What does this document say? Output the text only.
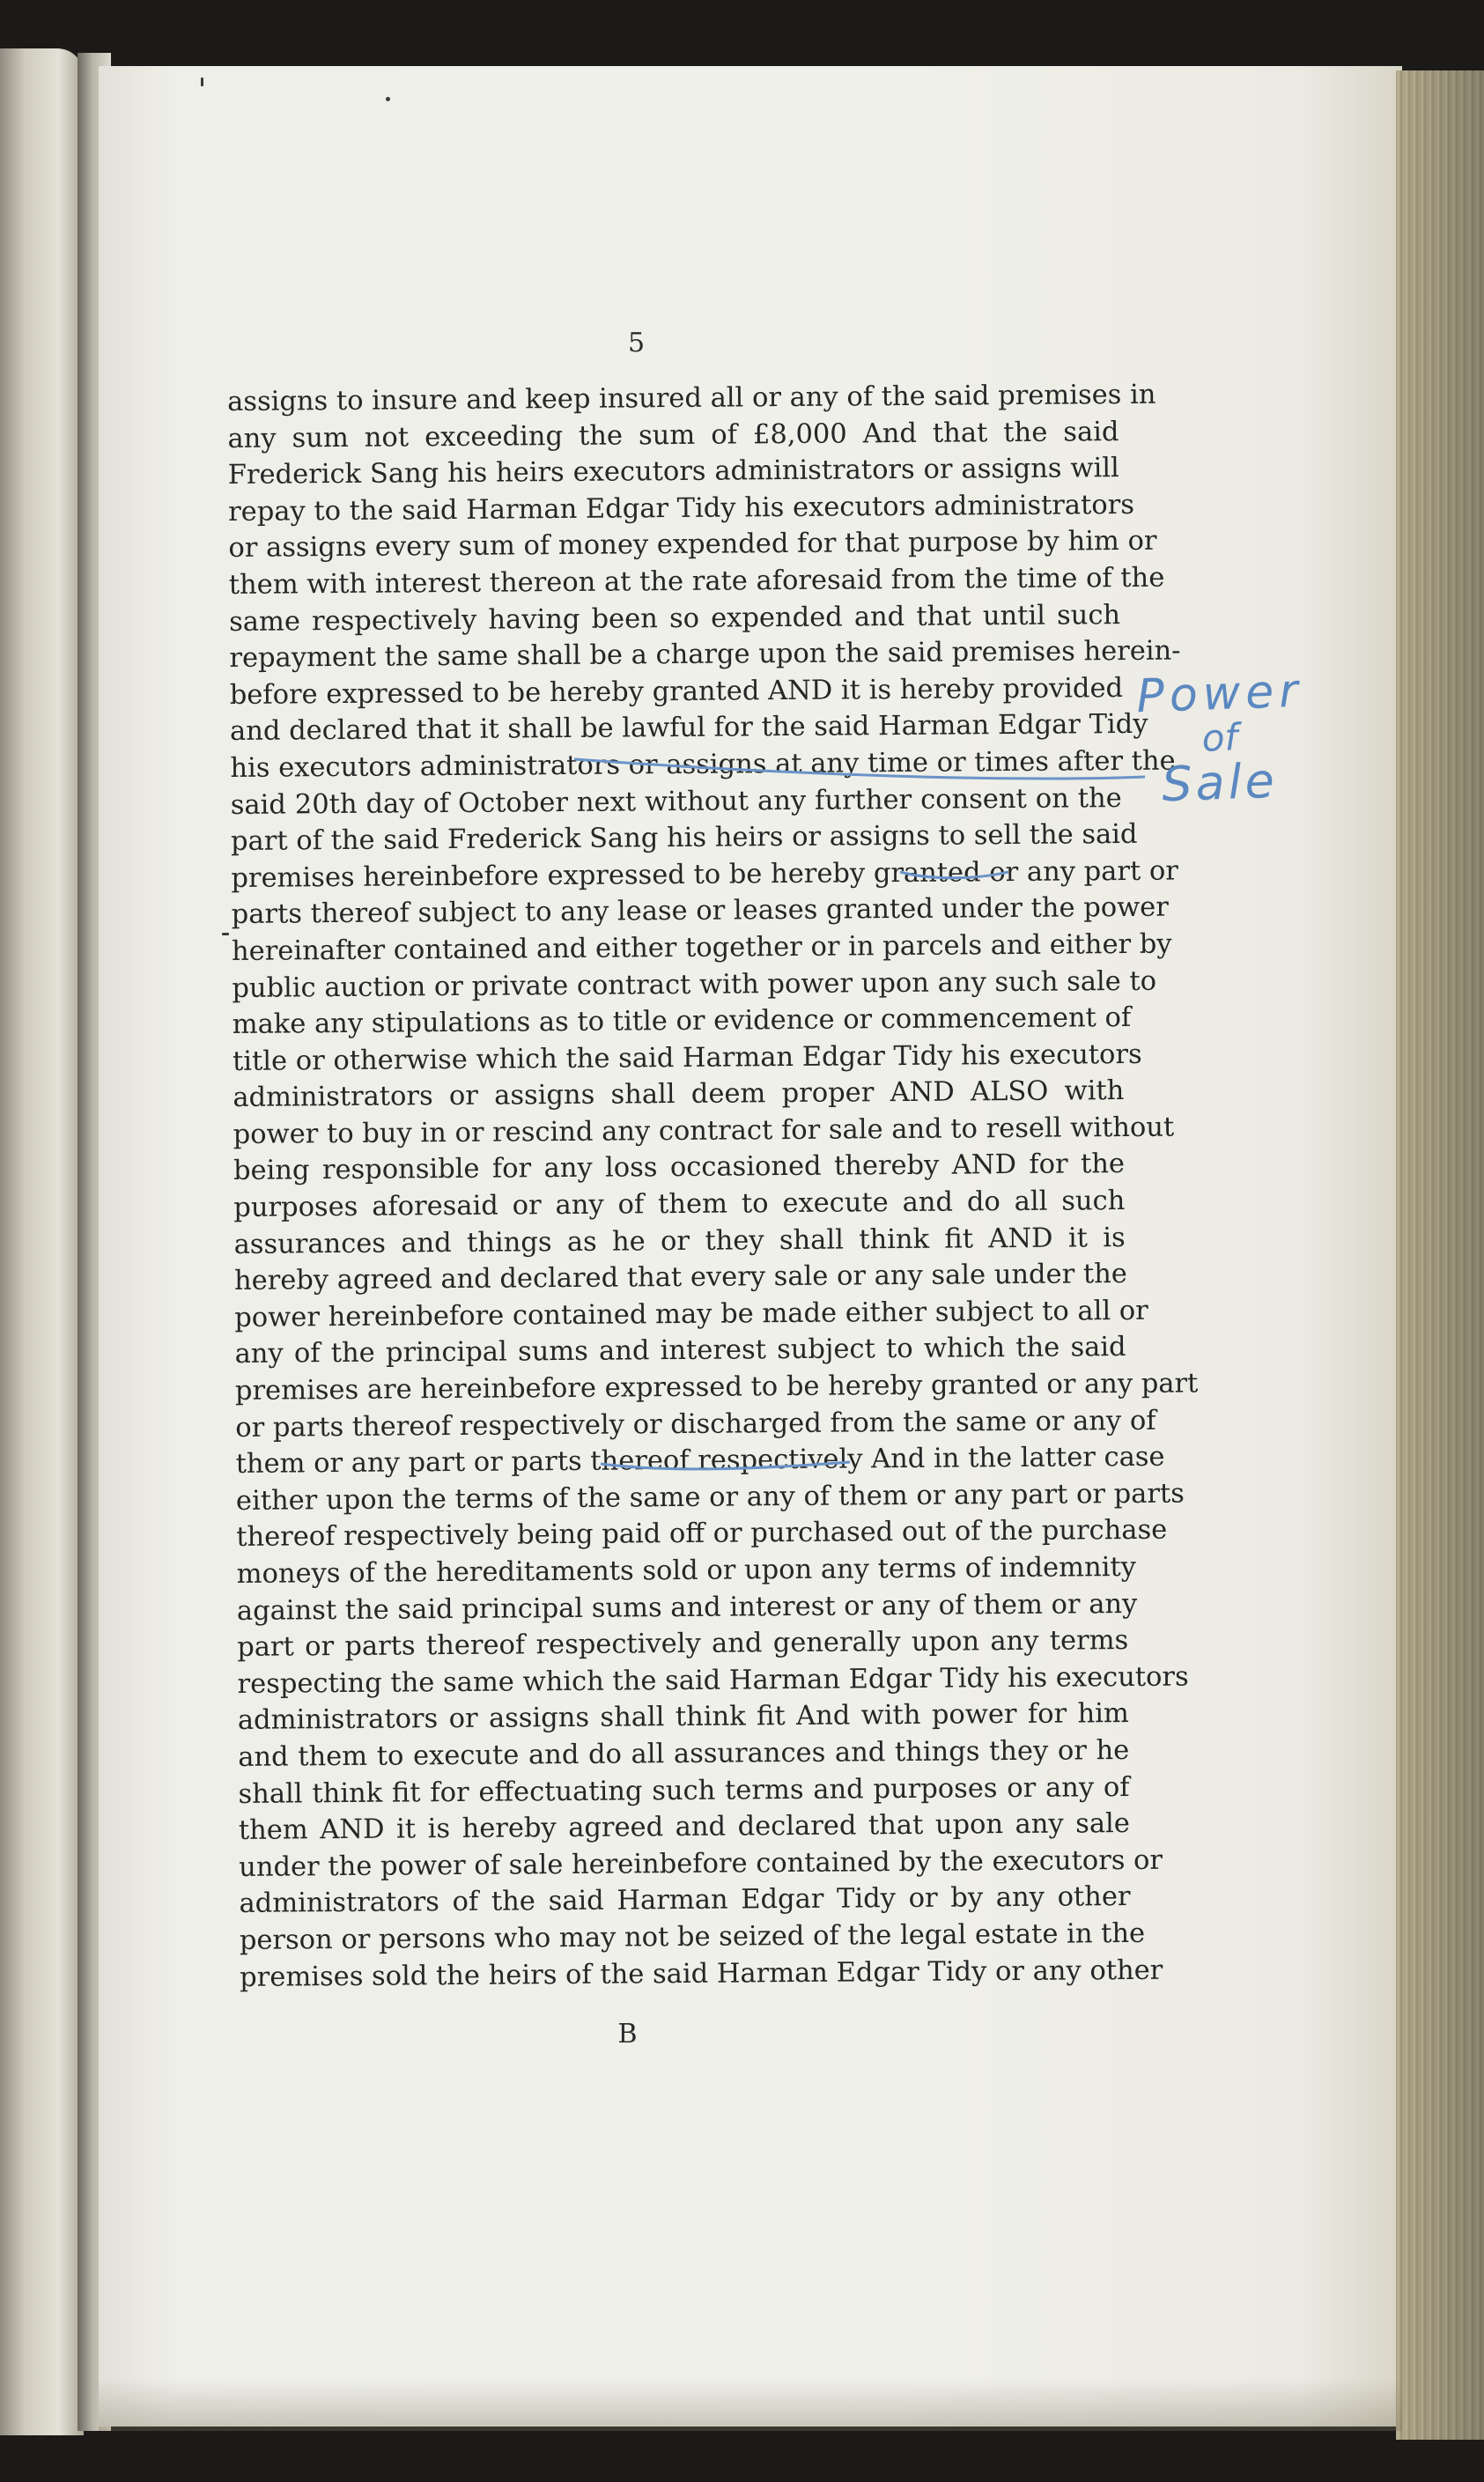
5
assigns to insure and keep insured all or any of the said premises in
any sum not exceeding the sum of £8,000 And that the said
Frederick Sang his heirs executors administrators or assigns will
repay to the said Harman Edgar Tidy his executors administrators
or assigns every sum of money expended for that purpose by him or
them with interest thereon at the rate aforesaid from the time of the
same respectively having been so expended and that until such
repayment the same shall be a charge upon the said premises herein-
before expressed to be hereby granted AND it is hereby provided
and declared that it shall be lawful for the said Harman Edgar Tidy
his executors administrators or assigns at any time or times after the
said 20th day of October next without any further consent on the
part of the said Frederick Sang his heirs or assigns to sell the said
premises hereinbefore expressed to be hereby granted or any part or
parts thereof subject to any lease or leases granted under the power
hereinafter contained and either together or in parcels and either by
public auction or private contract with power upon any such sale to
make any stipulations as to title or evidence or commencement of
title or otherwise which the said Harman Edgar Tidy his executors
administrators or assigns shall deem proper AND ALSO with
power to buy in or rescind any contract for sale and to resell without
being responsible for any loss occasioned thereby AND for the
purposes aforesaid or any of them to execute and do all such
assurances and things as he or they shall think fit AND it is
hereby agreed and declared that every sale or any sale under the
power hereinbefore contained may be made either subject to all or
any of the principal sums and interest subject to which the said
premises are hereinbefore expressed to be hereby granted or any part
or parts thereof respectively or discharged from the same or any of
them or any part or parts thereof respectively And in the latter case
either upon the terms of the same or any of them or any part or parts
thereof respectively being paid off or purchased out of the purchase
moneys of the hereditaments sold or upon any terms of indemnity
against the said principal sums and interest or any of them or any
part or parts thereof respectively and generally upon any terms
respecting the same which the said Harman Edgar Tidy his executors
administrators or assigns shall think fit And with power for him
and them to execute and do all assurances and things they or he
shall think fit for effectuating such terms and purposes or any of
them AND it is hereby agreed and declared that upon any sale
under the power of sale hereinbefore contained by the executors or
administrators of the said Harman Edgar Tidy or by any other
person or persons who may not be seized of the legal estate in the
premises sold the heirs of the said Harman Edgar Tidy or any other
B
Power
of
Sale
